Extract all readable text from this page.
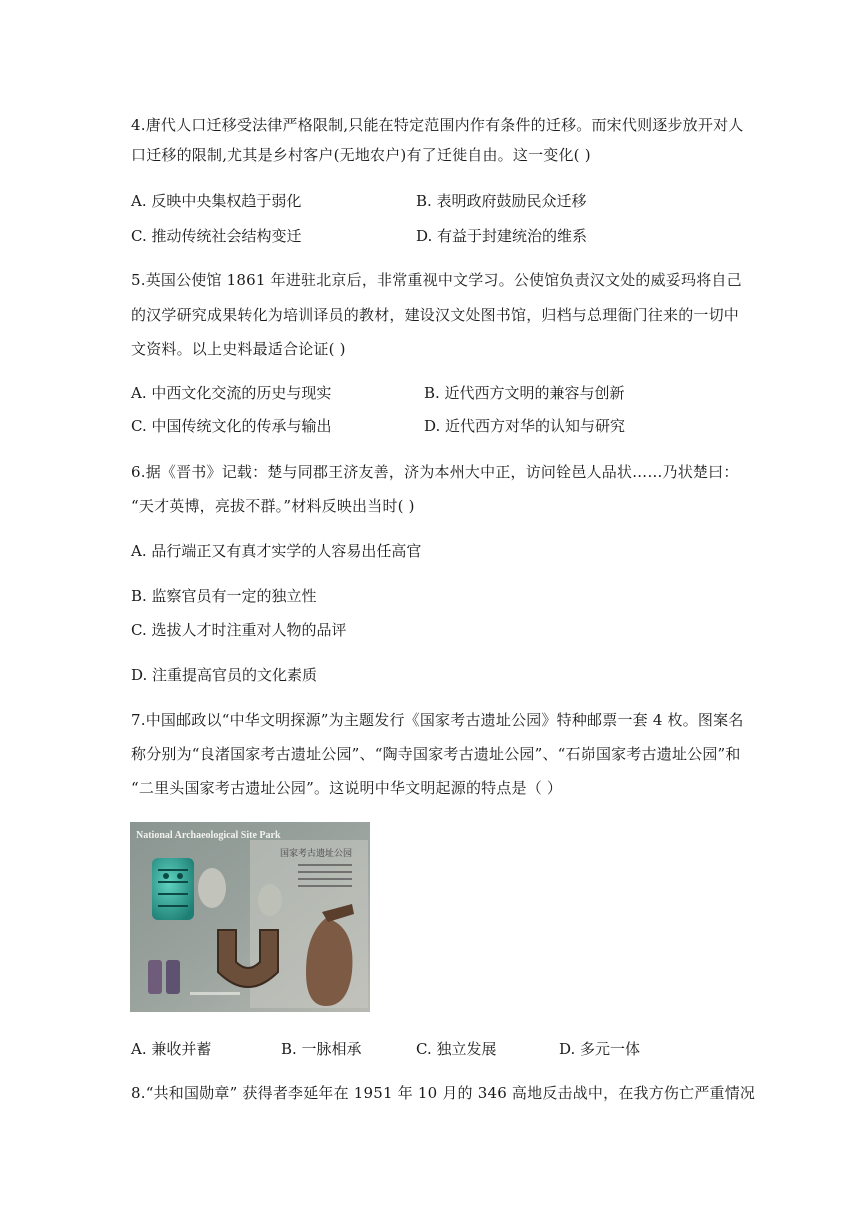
4.唐代人口迁移受法律严格限制,只能在特定范围内作有条件的迁移。而宋代则逐步放开对人
口迁移的限制,尤其是乡村客户(无地农户)有了迁徙自由。这一变化( )
A. 反映中央集权趋于弱化	B. 表明政府鼓励民众迁移
C. 推动传统社会结构变迁	D. 有益于封建统治的维系
5.英国公使馆 1861 年进驻北京后，非常重视中文学习。公使馆负责汉文处的威妥玛将自己
的汉学研究成果转化为培训译员的教材，建设汉文处图书馆，归档与总理衙门往来的一切中
文资料。以上史料最适合论证( )
A. 中西文化交流的历史与现实	B. 近代西方文明的兼容与创新
C. 中国传统文化的传承与输出	D. 近代西方对华的认知与研究
6.据《晋书》记载：楚与同郡王济友善，济为本州大中正，访问铨邑人品状……乃状楚曰：
“天才英博，亮拔不群。”材料反映出当时( )
A. 品行端正又有真才实学的人容易出任高官
B. 监察官员有一定的独立性
C. 选拔人才时注重对人物的品评
D. 注重提高官员的文化素质
7.中国邮政以“中华文明探源”为主题发行《国家考古遗址公园》特种邮票一套 4 枚。图案名
称分别为“良渚国家考古遗址公园”、“陶寺国家考古遗址公园”、“石峁国家考古遗址公园”和
“二里头国家考古遗址公园”。这说明中华文明起源的特点是（ ）
National Archaeological Site Park
国家考古遗址公园
A. 兼收并蓄	B. 一脉相承	C. 独立发展	D. 多元一体
8.“共和国勋章” 获得者李延年在 1951 年 10 月的 346 高地反击战中，在我方伤亡严重情况
